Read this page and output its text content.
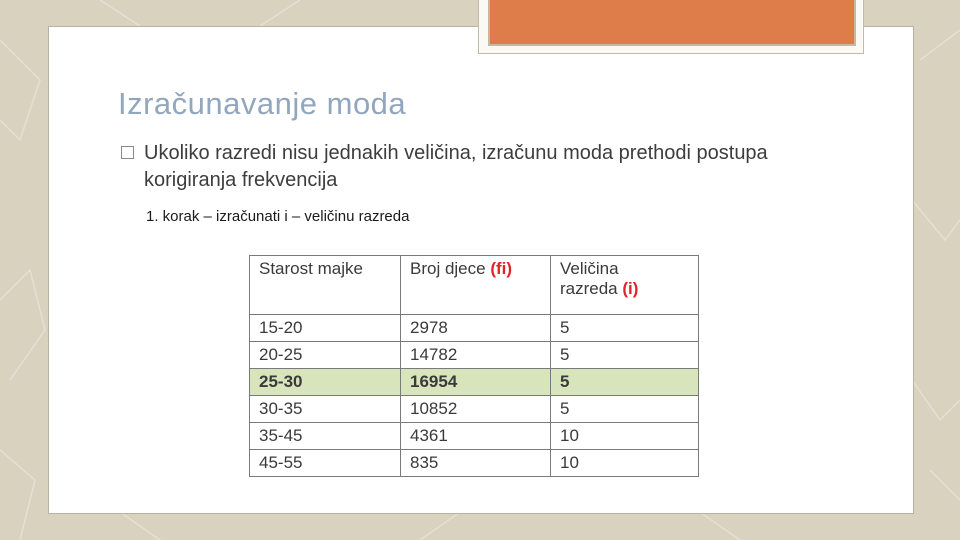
Izračunavanje moda
Ukoliko razredi nisu jednakih veličina, izračunu moda prethodi postupa korigiranja frekvencija
1. korak – izračunati i – veličinu razreda
Starost majke	Broj djece (fi)	Veličina
razreda (i)
15-20	2978	5
20-25	14782	5
25-30	16954	5
30-35	10852	5
35-45	4361	10
45-55	835	10
